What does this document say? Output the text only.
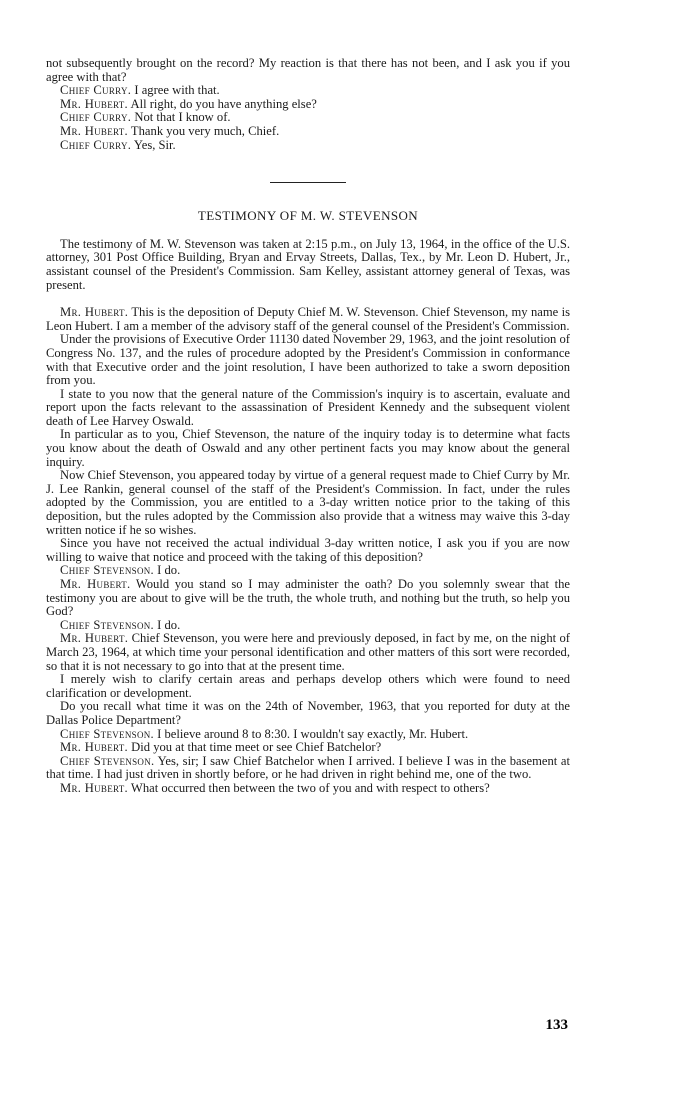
not subsequently brought on the record? My reaction is that there has not been, and I ask you if you agree with that?

Chief Curry. I agree with that.

Mr. Hubert. All right, do you have anything else?

Chief Curry. Not that I know of.

Mr. Hubert. Thank you very much, Chief.

Chief Curry. Yes, Sir.

TESTIMONY OF M. W. STEVENSON

The testimony of M. W. Stevenson was taken at 2:15 p.m., on July 13, 1964, in the office of the U.S. attorney, 301 Post Office Building, Bryan and Ervay Streets, Dallas, Tex., by Mr. Leon D. Hubert, Jr., assistant counsel of the President's Commission. Sam Kelley, assistant attorney general of Texas, was present.

Mr. Hubert. This is the deposition of Deputy Chief M. W. Stevenson. Chief Stevenson, my name is Leon Hubert. I am a member of the advisory staff of the general counsel of the President's Commission.

Under the provisions of Executive Order 11130 dated November 29, 1963, and the joint resolution of Congress No. 137, and the rules of procedure adopted by the President's Commission in conformance with that Executive order and the joint resolution, I have been authorized to take a sworn deposition from you.

I state to you now that the general nature of the Commission's inquiry is to ascertain, evaluate and report upon the facts relevant to the assassination of President Kennedy and the subsequent violent death of Lee Harvey Oswald.

In particular as to you, Chief Stevenson, the nature of the inquiry today is to determine what facts you know about the death of Oswald and any other pertinent facts you may know about the general inquiry.

Now Chief Stevenson, you appeared today by virtue of a general request made to Chief Curry by Mr. J. Lee Rankin, general counsel of the staff of the President's Commission. In fact, under the rules adopted by the Commission, you are entitled to a 3-day written notice prior to the taking of this deposition, but the rules adopted by the Commission also provide that a witness may waive this 3-day written notice if he so wishes.

Since you have not received the actual individual 3-day written notice, I ask you if you are now willing to waive that notice and proceed with the taking of this deposition?

Chief Stevenson. I do.

Mr. Hubert. Would you stand so I may administer the oath? Do you solemnly swear that the testimony you are about to give will be the truth, the whole truth, and nothing but the truth, so help you God?

Chief Stevenson. I do.

Mr. Hubert. Chief Stevenson, you were here and previously deposed, in fact by me, on the night of March 23, 1964, at which time your personal identification and other matters of this sort were recorded, so that it is not necessary to go into that at the present time.

I merely wish to clarify certain areas and perhaps develop others which were found to need clarification or development.

Do you recall what time it was on the 24th of November, 1963, that you reported for duty at the Dallas Police Department?

Chief Stevenson. I believe around 8 to 8:30. I wouldn't say exactly, Mr. Hubert.

Mr. Hubert. Did you at that time meet or see Chief Batchelor?

Chief Stevenson. Yes, sir; I saw Chief Batchelor when I arrived. I believe I was in the basement at that time. I had just driven in shortly before, or he had driven in right behind me, one of the two.

Mr. Hubert. What occurred then between the two of you and with respect to others?

133
